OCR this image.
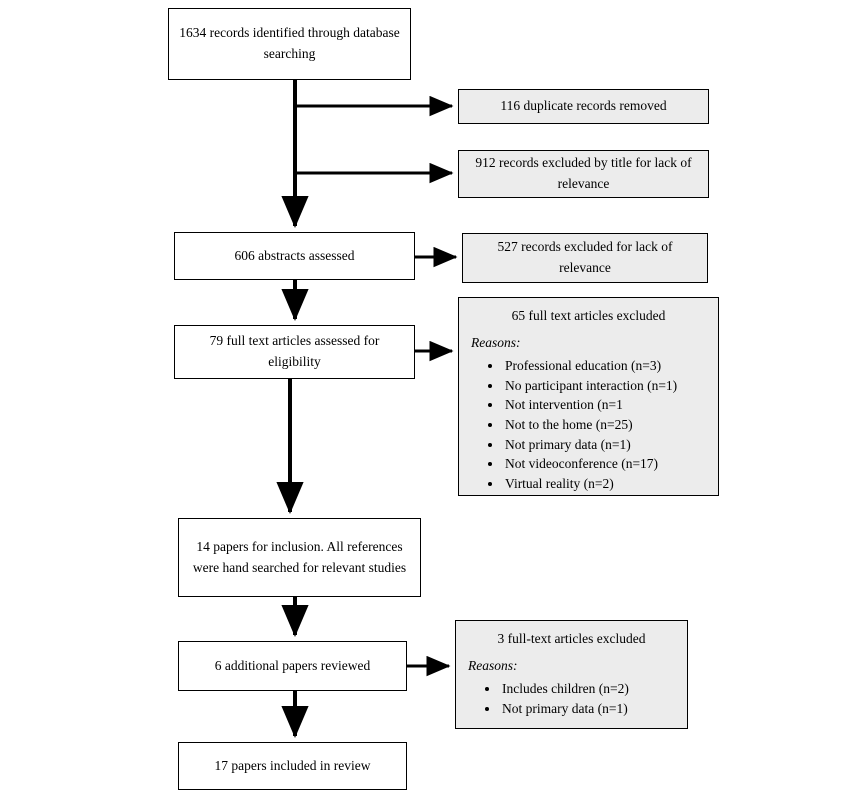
1634 records identified through database searching
116 duplicate records removed
912 records excluded by title for lack of relevance
606 abstracts assessed
527 records excluded for lack of relevance
79 full text articles assessed for eligibility
65 full text articles excluded
Reasons:
• Professional education (n=3)
• No participant interaction (n=1)
• Not intervention (n=1
• Not to the home (n=25)
• Not primary data (n=1)
• Not videoconference (n=17)
• Virtual reality (n=2)
14 papers for inclusion. All references were hand searched for relevant studies
6 additional papers reviewed
3 full-text articles excluded
Reasons:
• Includes children (n=2)
• Not primary data (n=1)
17 papers included in review
